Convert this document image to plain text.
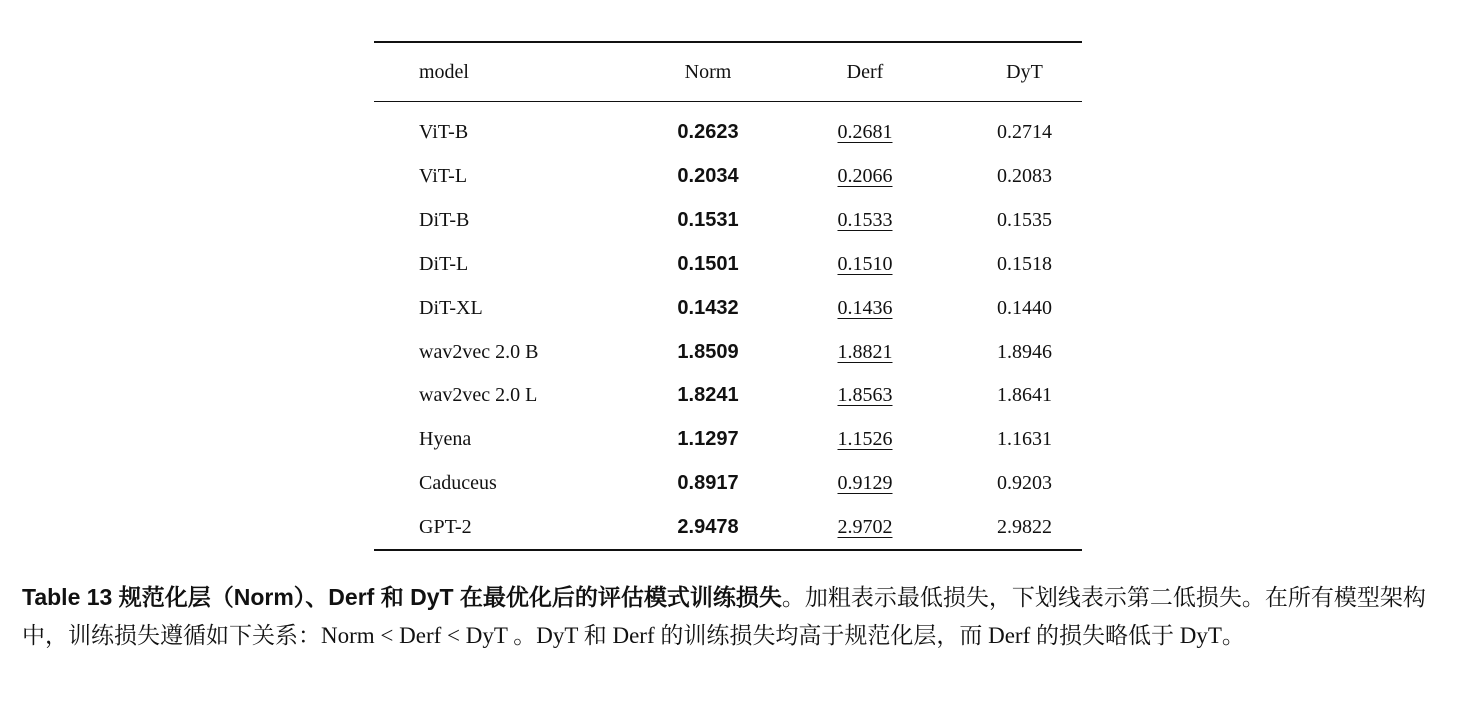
model	Norm	Derf	DyT
ViT-B	0.2623	0.2681	0.2714
ViT-L	0.2034	0.2066	0.2083
DiT-B	0.1531	0.1533	0.1535
DiT-L	0.1501	0.1510	0.1518
DiT-XL	0.1432	0.1436	0.1440
wav2vec 2.0 B	1.8509	1.8821	1.8946
wav2vec 2.0 L	1.8241	1.8563	1.8641
Hyena	1.1297	1.1526	1.1631
Caduceus	0.8917	0.9129	0.9203
GPT-2	2.9478	2.9702	2.9822
Table 13 规范化层（Norm）、Derf 和 DyT 在最优化后的评估模式训练损失。加粗表示最低损失，下划线表示第二低损失。在所有模型架构中，训练损失遵循如下关系：Norm < Derf < DyT 。DyT 和 Derf 的训练损失均高于规范化层，而 Derf 的损失略低于 DyT。
